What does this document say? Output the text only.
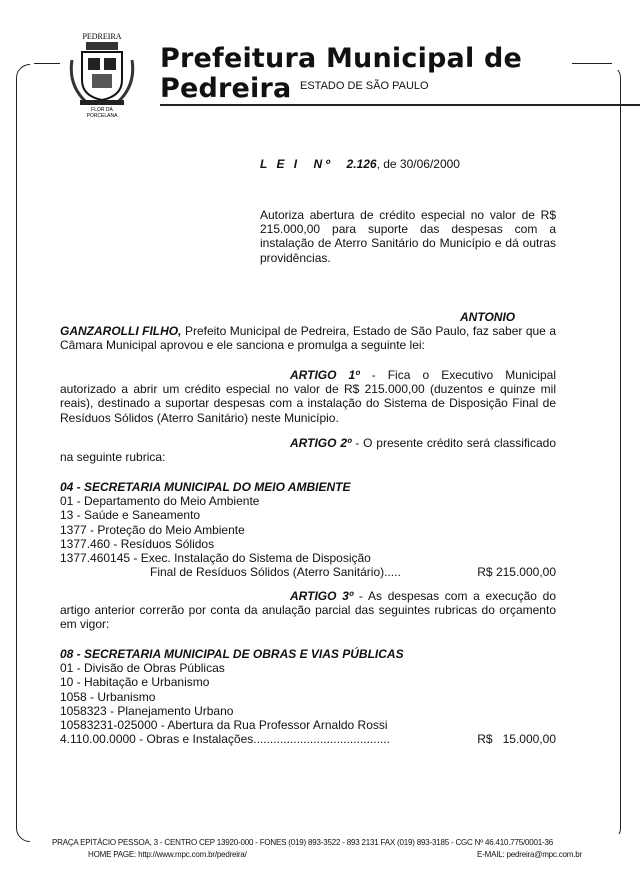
PEDREIRA
FLOR DA
PORCELANA
Prefeitura Municipal de Pedreira ESTADO DE SÃO PAULO
L E I N º 2.126, de 30/06/2000
Autoriza abertura de crédito especial no valor de R$ 215.000,00 para suporte das despesas com a instalação de Aterro Sanitário do Município e dá outras providências.
ANTONIO GANZAROLLI FILHO, Prefeito Municipal de Pedreira, Estado de São Paulo, faz saber que a Câmara Municipal aprovou e ele sanciona e promulga a seguinte lei:
ARTIGO 1º - Fica o Executivo Municipal autorizado a abrir um crédito especial no valor de R$ 215.000,00 (duzentos e quinze mil reais), destinado a suportar despesas com a instalação do Sistema de Disposição Final de Resíduos Sólidos (Aterro Sanitário) neste Município.
ARTIGO 2º - O presente crédito será classificado na seguinte rubrica:
04 - SECRETARIA MUNICIPAL DO MEIO AMBIENTE
01 - Departamento do Meio Ambiente
13 - Saúde e Saneamento
1377 - Proteção do Meio Ambiente
1377.460 - Resíduos Sólidos
1377.460145 - Exec. Instalação do Sistema de Disposição
Final de Resíduos Sólidos (Aterro Sanitário).....	R$ 215.000,00
ARTIGO 3º - As despesas com a execução do artigo anterior correrão por conta da anulação parcial das seguintes rubricas do orçamento em vigor:
08 - SECRETARIA MUNICIPAL DE OBRAS E VIAS PÚBLICAS
01 - Divisão de Obras Públicas
10 - Habitação e Urbanismo
1058 - Urbanismo
1058323 - Planejamento Urbano
10583231-025000 - Abertura da Rua Professor Arnaldo Rossi
4.110.00.0000 - Obras e Instalações.........................................	R$   15.000,00
PRAÇA EPITÁCIO PESSOA, 3 - CENTRO CEP 13920-000 - FONES (019) 893-3522 - 893 2131 FAX (019) 893-3185 - CGC Nº 46.410.775/0001-36
HOME PAGE: http://www.mpc.com.br/pedreira/	E-MAIL: pedreira@mpc.com.br
